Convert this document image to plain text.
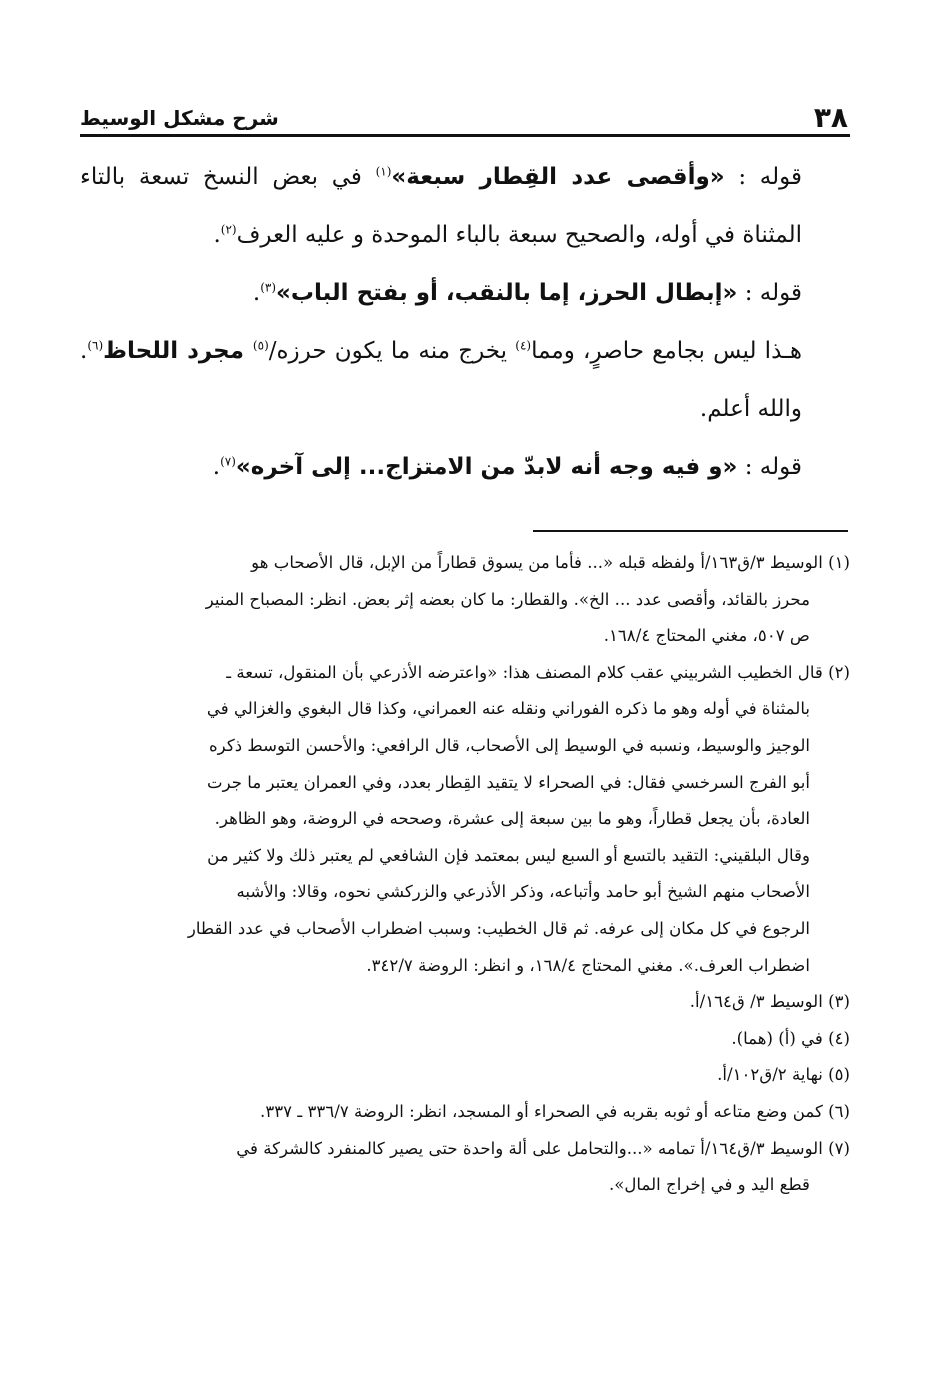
٣٨
شرح مشكل الوسيط

قوله : «وأقصى عدد القِطار سبعة»$^{(١)}$ في بعض النسخ تسعة بالتاء المثناة في أوله، والصحيح سبعة بالباء الموحدة و عليه العرف$^{(٢)}$.

قوله : «إبطال الحرز، إما بالنقب، أو بفتح الباب»$^{(٣)}$.

هـذا ليس بجامع حاصرٍ، ومما$^{(٤)}$ يخرج منه ما يكون حرزه/$^{(٥)}$ مجرد اللحاظ$^{(٦)}$. والله أعلم.

قوله : «و فيه وجه أنه لابدّ من الامتزاج... إلى آخره»$^{(٧)}$.

(١) الوسيط ٣/ق١٦٣/أ ولفظه قبله «... فأما من يسوق قطاراً من الإبل، قال الأصحاب هو
محرز بالقائد، وأقصى عدد ... الخ». والقطار: ما كان بعضه إثر بعض. انظر: المصباح المنير
ص ٥٠٧، مغني المحتاج ١٦٨/٤.
(٢) قال الخطيب الشربيني عقب كلام المصنف هذا: «واعترضه الأذرعي بأن المنقول، تسعة ـ
بالمثناة في أوله وهو ما ذكره الفوراني ونقله عنه العمراني، وكذا قال البغوي والغزالي في
الوجيز والوسيط، ونسبه في الوسيط إلى الأصحاب، قال الرافعي: والأحسن التوسط ذكره
أبو الفرج السرخسي فقال: في الصحراء لا يتقيد القِطار بعدد، وفي العمران يعتبر ما جرت
العادة، بأن يجعل قطاراً، وهو ما بين سبعة إلى عشرة، وصححه في الروضة، وهو الظاهر.
وقال البلقيني: التقيد بالتسع أو السبع ليس بمعتمد فإن الشافعي لم يعتبر ذلك ولا كثير من
الأصحاب منهم الشيخ أبو حامد وأتباعه، وذكر الأذرعي والزركشي نحوه، وقالا: والأشبه
الرجوع في كل مكان إلى عرفه. ثم قال الخطيب: وسبب اضطراب الأصحاب في عدد القطار
اضطراب العرف.». مغني المحتاج ١٦٨/٤، و انظر: الروضة ٣٤٢/٧.
(٣) الوسيط ٣/ ق١٦٤/أ.
(٤) في (أ) (هما).
(٥) نهاية ٢/ق١٠٢/أ.
(٦) كمن وضع متاعه أو ثوبه بقربه في الصحراء أو المسجد، انظر: الروضة ٣٣٦/٧ ـ ٣٣٧.
(٧) الوسيط ٣/ق١٦٤/أ تمامه «...والتحامل على ألة واحدة حتى يصير كالمنفرد كالشركة في
قطع اليد و في إخراج المال».
